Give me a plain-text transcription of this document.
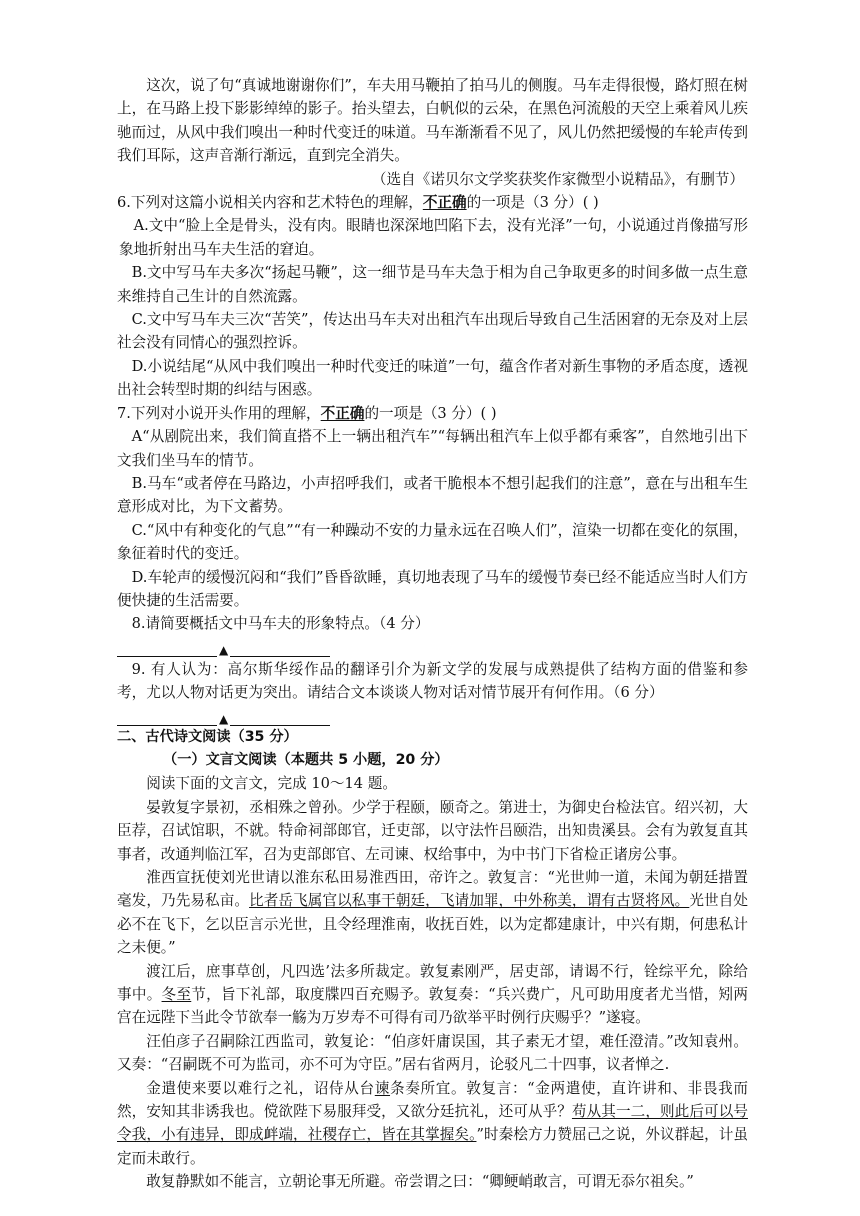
这次，说了句“真诚地谢谢你们”，车夫用马鞭拍了拍马儿的侧腹。马车走得很慢，路灯照在树上，在马路上投下影影绰绰的影子。抬头望去，白帆似的云朵，在黑色河流般的天空上乘着风儿疾驰而过，从风中我们嗅出一种时代变迁的味道。马车渐渐看不见了，风儿仍然把缓慢的车轮声传到我们耳际，这声音渐行渐远，直到完全消失。

（选自《诺贝尔文学奖获奖作家微型小说精品》，有删节）

6.下列对这篇小说相关内容和艺术特色的理解，不正确的一项是（3 分）( )

A.文中“脸上全是骨头，没有肉。眼睛也深深地凹陷下去，没有光泽”一句，小说通过肖像描写形象地折射出马车夫生活的窘迫。

B.文中写马车夫多次“扬起马鞭”，这一细节是马车夫急于相为自己争取更多的时间多做一点生意来维持自己生计的自然流露。

C.文中写马车夫三次“苦笑”，传达出马车夫对出租汽车出现后导致自己生活困窘的无奈及对上层社会没有同情心的强烈控诉。

D.小说结尾“从风中我们嗅出一种时代变迁的味道”一句，蕴含作者对新生事物的矛盾态度，透视出社会转型时期的纠结与困惑。

7.下列对小说开头作用的理解，不正确的一项是（3 分）( )

A“从剧院出来，我们简直搭不上一辆出租汽车”“每辆出租汽车上似乎都有乘客”，自然地引出下文我们坐马车的情节。

B.马车“或者停在马路边，小声招呼我们，或者干脆根本不想引起我们的注意”，意在与出租车生意形成对比，为下文蓄势。

C.“风中有种变化的气息”“有一种躁动不安的力量永远在召唤人们”，渲染一切都在变化的氛围，象征着时代的变迁。

D.车轮声的缓慢沉闷和“我们”昏昏欲睡，真切地表现了马车的缓慢节奏已经不能适应当时人们方便快捷的生活需要。

8.请简要概括文中马车夫的形象特点。（4 分）

▲

9. 有人认为：高尔斯华绥作品的翻译引介为新文学的发展与成熟提供了结构方面的借鉴和参考，尤以人物对话更为突出。请结合文本谈谈人物对话对情节展开有何作用。（6 分）

▲

二、古代诗文阅读（35 分）

（一）文言文阅读（本题共 5 小题，20 分）

阅读下面的文言文，完成 10～14 题。

晏敦复字景初，丞相殊之曾孙。少学于程颐，颐奇之。第进士，为御史台检法官。绍兴初，大臣荐，召试馆职，不就。特命祠部郎官，迁吏部，以守法忤吕颐浩，出知贵溪县。会有为敦复直其事者，改通判临江军，召为吏部郎官、左司谏、权给事中，为中书门下省检正诸房公事。

淮西宣抚使刘光世请以淮东私田易淮西田，帝许之。敦复言：“光世帅一道，未闻为朝廷措置毫发，乃先易私亩。比者岳飞属官以私事干朝廷，飞请加罪，中外称美，谓有古贤将风。光世自处必不在飞下，乞以臣言示光世，且令经理淮南，收抚百姓，以为定都建康计，中兴有期，何患私计之未便。”

渡江后，庶事草创，凡四选’法多所裁定。敦复素刚严，居吏部，请谒不行，铨综平允，除给事中。冬至节，旨下礼部，取度牒四百充赐予。敦复奏：“兵兴费广，凡可助用度者尤当惜，矧两宫在远陛下当此令节欲奉一觞为万岁寿不可得有司乃欲举平时例行庆赐乎？”遂寝。

汪伯彦子召嗣除江西监司，敦复论：“伯彦奸庸误国，其子素无才望，难任澄清。”改知袁州。又奏：“召嗣既不可为监司，亦不可为守臣。”居右省两月，论驳凡二十四事，议者惮之.

金遣使来要以难行之礼，诏侍从台谏条奏所宜。敦复言：“金两遣使，直许讲和、非畏我而然，安知其非诱我也。傥欲陛下易服拜受，又欲分廷抗礼，还可从乎？苟从其一二，则此后可以号令我，小有违异，即成衅端，社稷存亡，皆在其掌握矣。”时秦桧方力赞屈己之说，外议群起，计虽定而未敢行。

敢复静默如不能言，立朝论事无所避。帝尝谓之曰：“卿鲠峭敢言，可谓无忝尔祖矣。”
